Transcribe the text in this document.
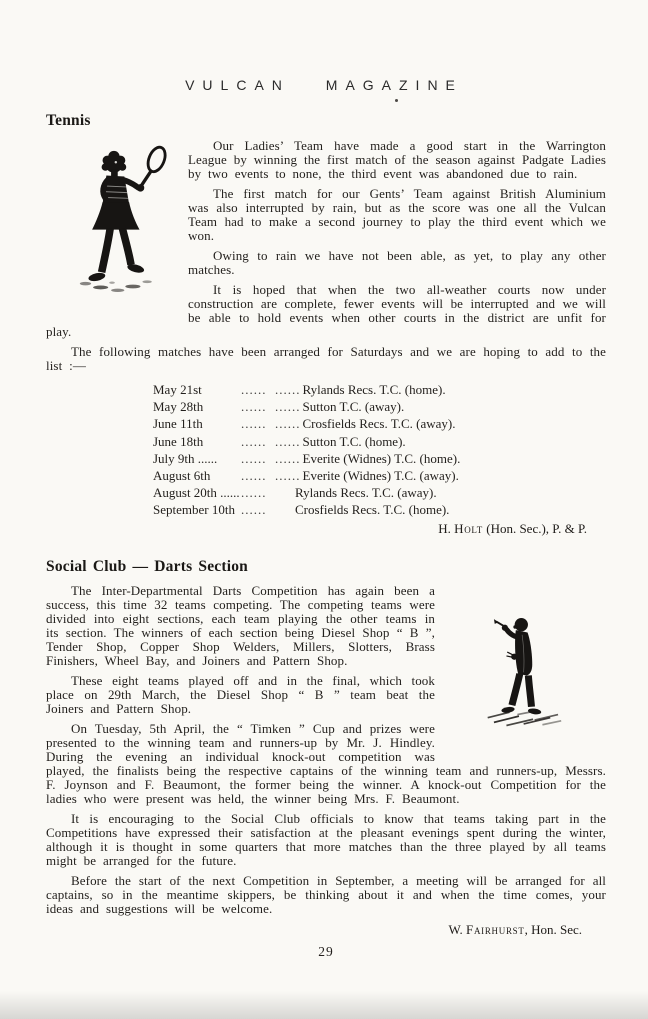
VULCAN MAGAZINE
Tennis

Our Ladies’ Team have made a good start in the Warrington League by winning the first match of the season against Padgate Ladies by two events to none, the third event was abandoned due to rain.

The first match for our Gents’ Team against British Aluminium was also interrupted by rain, but as the score was one all the Vulcan Team had to make a second journey to play the third event which we won.

Owing to rain we have not been able, as yet, to play any other matches.

It is hoped that when the two all-weather courts now under construction are complete, fewer events will be interrupted and we will be able to hold events when other courts in the district are unfit for play.

The following matches have been arranged for Saturdays and we are hoping to add to the list :—

May 21st	......  ...... Rylands Recs. T.C. (home).
May 28th	......  ...... Sutton T.C. (away).
June 11th	......  ...... Crosfields Recs. T.C. (away).
June 18th	......  ...... Sutton T.C. (home).
July 9th ......	......  ...... Everite (Widnes) T.C. (home).
August 6th	......  ...... Everite (Widnes) T.C. (away).
August 20th ...... ......	Rylands Recs. T.C. (away).
September 10th ......	Crosfields Recs. T.C. (home).
H. Holt (Hon. Sec.), P. & P.
Social Club — Darts Section

The Inter-Departmental Darts Competition has again been a success, this time 32 teams competing. The competing teams were divided into eight sections, each team playing the other teams in its section. The winners of each section being Diesel Shop “ B ”, Tender Shop, Copper Shop Welders, Millers, Slotters, Brass Finishers, Wheel Bay, and Joiners and Pattern Shop.

These eight teams played off and in the final, which took place on 29th March, the Diesel Shop “ B ” team beat the Joiners and Pattern Shop.

On Tuesday, 5th April, the “ Timken ” Cup and prizes were presented to the winning team and runners-up by Mr. J. Hindley. During the evening an individual knock-out competition was played, the finalists being the respective captains of the winning team and runners-up, Messrs. F. Joynson and F. Beaumont, the former being the winner. A knock-out Competition for the ladies who were present was held, the winner being Mrs. F. Beaumont.

It is encouraging to the Social Club officials to know that teams taking part in the Competitions have expressed their satisfaction at the pleasant evenings spent during the winter, although it is thought in some quarters that more matches than the three played by all teams might be arranged for the future.

Before the start of the next Competition in September, a meeting will be arranged for all captains, so in the meantime skippers, be thinking about it and when the time comes, your ideas and suggestions will be welcome.

W. Fairhurst, Hon. Sec.
29
